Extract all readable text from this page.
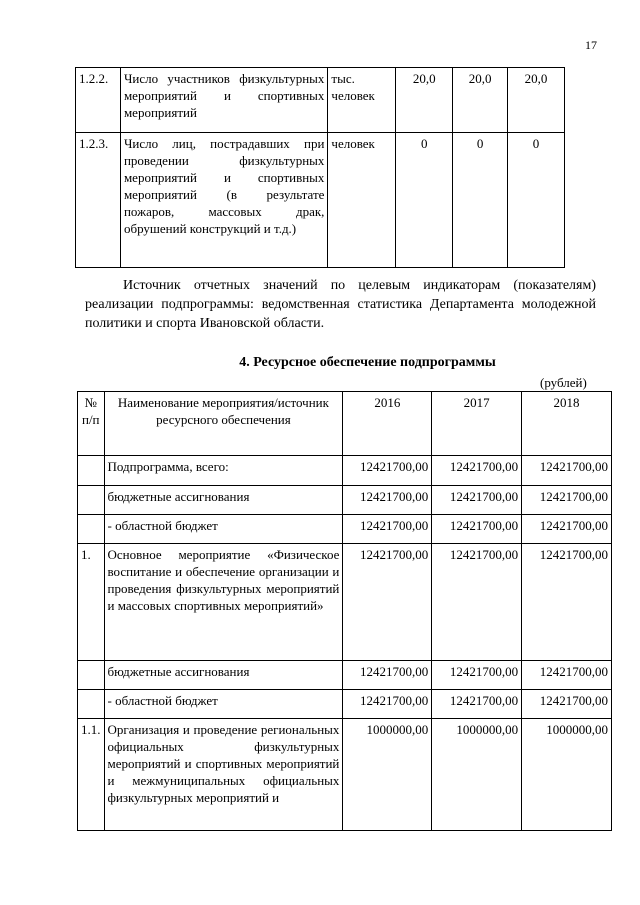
17
1.2.2.	Число участников физкультурных мероприятий и спортивных мероприятий	тыс. человек	20,0	20,0	20,0
1.2.3.	Число лиц, пострадавших при проведении физкультурных мероприятий и спортивных мероприятий (в результате пожаров, массовых драк, обрушений конструкций и т.д.)	человек	0	0	0

Источник отчетных значений по целевым индикаторам (показателям) реализации подпрограммы: ведомственная статистика Департамента молодежной политики и спорта Ивановской области.

4. Ресурсное обеспечение подпрограммы
(рублей)
№ п/п	Наименование мероприятия/источник ресурсного обеспечения	2016	2017	2018
	Подпрограмма, всего:	12421700,00	12421700,00	12421700,00
	бюджетные ассигнования	12421700,00	12421700,00	12421700,00
	- областной бюджет	12421700,00	12421700,00	12421700,00
1.	Основное мероприятие «Физическое воспитание и обеспечение организации и проведения физкультурных мероприятий и массовых спортивных мероприятий»	12421700,00	12421700,00	12421700,00
	бюджетные ассигнования	12421700,00	12421700,00	12421700,00
	- областной бюджет	12421700,00	12421700,00	12421700,00
1.1.	Организация и проведение региональных официальных физкультурных мероприятий и спортивных мероприятий и межмуниципальных официальных физкультурных мероприятий и	1000000,00	1000000,00	1000000,00
